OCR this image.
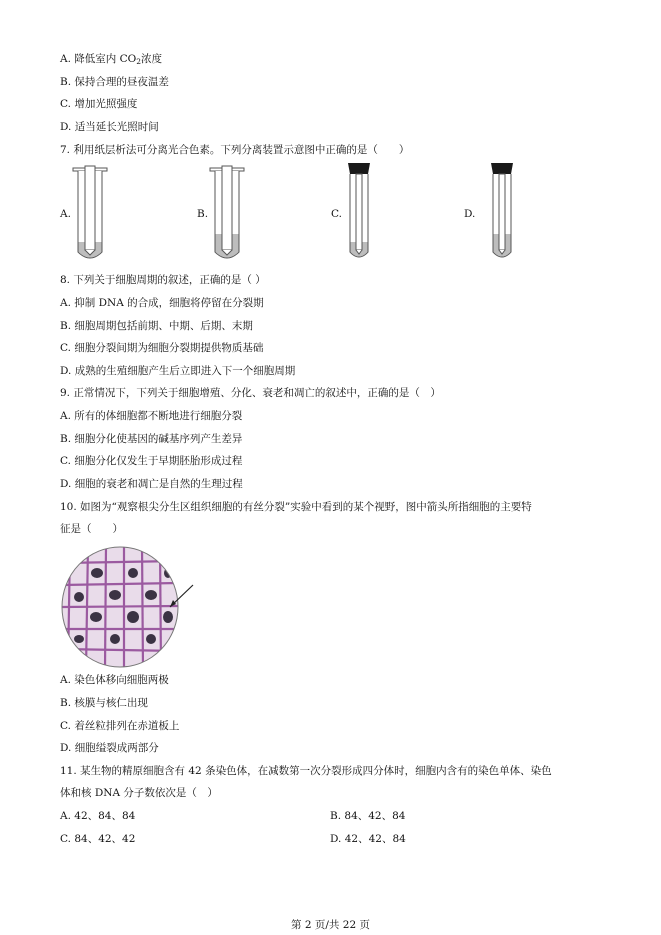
A. 降低室内 $CO_2$浓度
B. 保持合理的昼夜温差
C. 增加光照强度
D. 适当延长光照时间
7. 利用纸层析法可分离光合色素。下列分离装置示意图中正确的是（　　）
A.	B.	C.	D.
8. 下列关于细胞周期的叙述，正确的是（ ）
A. 抑制 DNA 的合成，细胞将停留在分裂期
B. 细胞周期包括前期、中期、后期、末期
C. 细胞分裂间期为细胞分裂期提供物质基础
D. 成熟的生殖细胞产生后立即进入下一个细胞周期
9. 正常情况下，下列关于细胞增殖、分化、衰老和凋亡的叙述中，正确的是（　）
A. 所有的体细胞都不断地进行细胞分裂
B. 细胞分化使基因的碱基序列产生差异
C. 细胞分化仅发生于早期胚胎形成过程
D. 细胞的衰老和凋亡是自然的生理过程
10. 如图为“观察根尖分生区组织细胞的有丝分裂”实验中看到的某个视野，图中箭头所指细胞的主要特
征是（　　）
A. 染色体移向细胞两极
B. 核膜与核仁出现
C. 着丝粒排列在赤道板上
D. 细胞缢裂成两部分
11. 某生物的精原细胞含有 42 条染色体，在减数第一次分裂形成四分体时，细胞内含有的染色单体、染色
体和核 DNA 分子数依次是（　）
A. 42、84、84	B. 84、42、84
C. 84、42、42	D. 42、42、84
第 2 页/共 22 页
